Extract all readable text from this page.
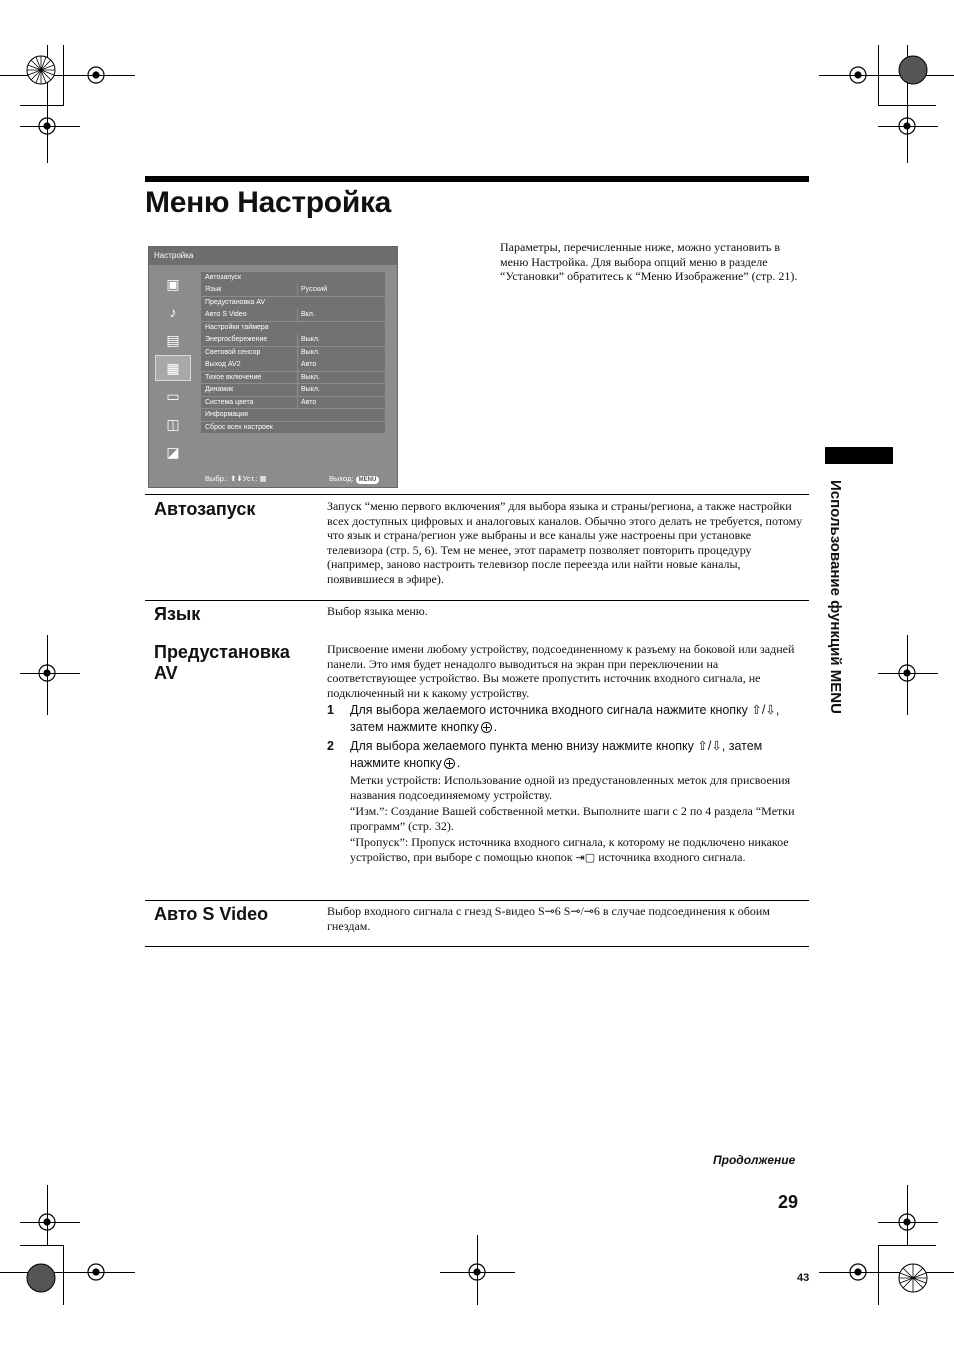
Меню Настройка
Настройка
▣
♪
▤
▦
▭
◫
◪
Автозапуск
Язык	Русский
Предустановка AV
Авто S Video	Вкл.
Настройки таймера
Энергосбережение	Выкл.
Световой сенсор	Выкл.
Выход AV2	Авто
Тихое включение	Выкл.
Динамик	Выкл.
Система цвета	Авто
Информация
Сброс всех настроек
Выбр.: ⬆⬇Уст.: ▦	Выход: MENU
Параметры, перечисленные ниже, можно установить в меню Настройка. Для выбора опций меню в разделе “Установки” обратитесь к “Меню Изображение” (стр. 21).
Автозапуск	Запуск “меню первого включения” для выбора языка и страны/региона, а также настройки всех доступных цифровых и аналоговых каналов. Обычно этого делать не требуется, потому что язык и страна/регион уже выбраны и все каналы уже настроены при установке телевизора (стр. 5, 6). Тем не менее, этот параметр позволяет повторить процедуру (например, заново настроить телевизор после переезда или найти новые каналы, появившиеся в эфире).
Язык	Выбор языка меню.
Предустановка AV
Присвоение имени любому устройству, подсоединенному к разъему на боковой или задней панели. Это имя будет ненадолго выводиться на экран при переключении на соответствующее устройство. Вы можете пропустить источник входного сигнала, не подключенный ни к какому устройству.
1 Для выбора желаемого источника входного сигнала нажмите кнопку ⇧/⇩, затем нажмите кнопку .
2 Для выбора желаемого пункта меню внизу нажмите кнопку ⇧/⇩, затем нажмите кнопку .
Метки устройств: Использование одной из предустановленных меток для присвоения названия подсоединяемому устройству.
“Изм.”: Создание Вашей собственной метки. Выполните шаги с 2 по 4 раздела “Метки программ” (стр. 32).
“Пропуск”: Пропуск источника входного сигнала, к которому не подключено никакое устройство, при выборе с помощью кнопок ⇥▢ источника входного сигнала.
Авто S Video	Выбор входного сигнала с гнезд S-видео S⊸6 S⊸/⊸6 в случае подсоединения к обоим гнездам.
Использование функций MENU
Продолжение
29
43
